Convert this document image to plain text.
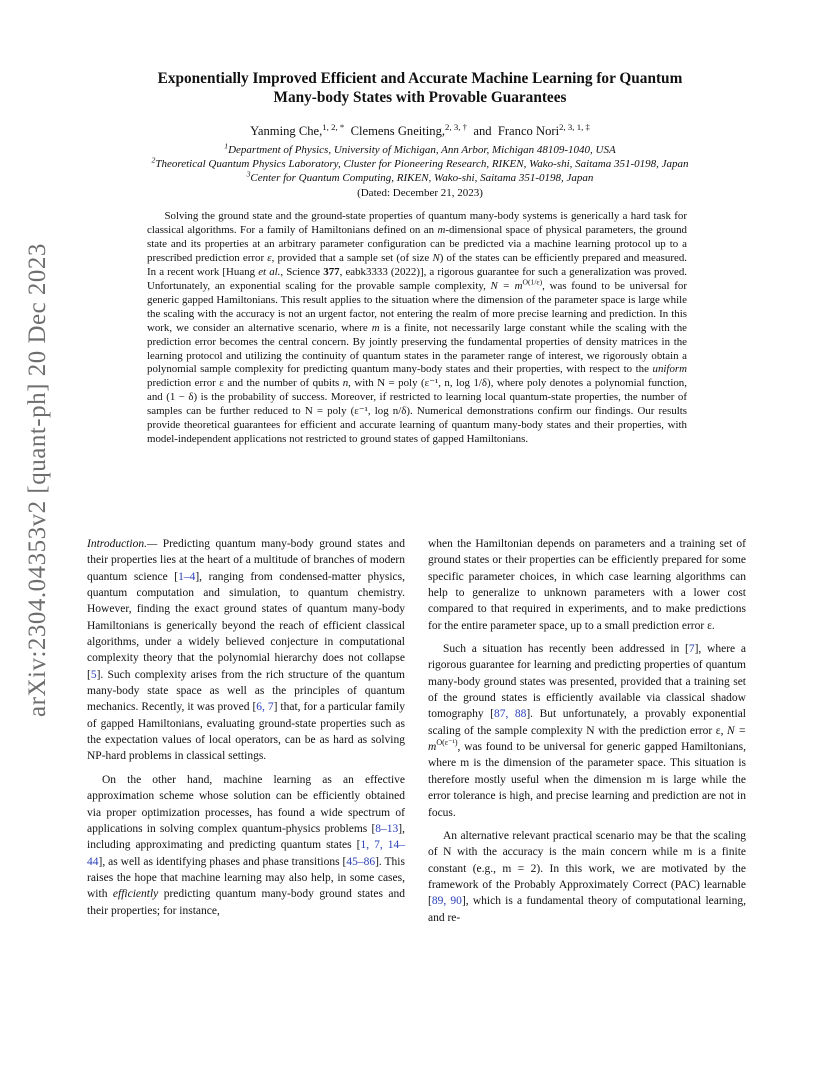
arXiv:2304.04353v2 [quant-ph] 20 Dec 2023
Exponentially Improved Efficient and Accurate Machine Learning for Quantum
Many-body States with Provable Guarantees
Yanming Che,$^{1, 2, *}$ Clemens Gneiting,$^{2, 3, \dagger}$ and Franco Nori$^{2, 3, 1, \ddagger}$
$^1$Department of Physics, University of Michigan, Ann Arbor, Michigan 48109-1040, USA
$^2$Theoretical Quantum Physics Laboratory, Cluster for Pioneering Research, RIKEN, Wako-shi, Saitama 351-0198, Japan
$^3$Center for Quantum Computing, RIKEN, Wako-shi, Saitama 351-0198, Japan
(Dated: December 21, 2023)

Solving the ground state and the ground-state properties of quantum many-body systems is generically a hard task for classical algorithms. For a family of Hamiltonians defined on an m-dimensional space of physical parameters, the ground state and its properties at an arbitrary parameter configuration can be predicted via a machine learning protocol up to a prescribed prediction error ε, provided that a sample set (of size N) of the states can be efficiently prepared and measured. In a recent work [Huang et al., Science 377, eabk3333 (2022)], a rigorous guarantee for such a generalization was proved. Unfortunately, an exponential scaling for the provable sample complexity, $N = m^{O(1/\varepsilon)}$, was found to be universal for generic gapped Hamiltonians. This result applies to the situation where the dimension of the parameter space is large while the scaling with the accuracy is not an urgent factor, not entering the realm of more precise learning and prediction. In this work, we consider an alternative scenario, where m is a finite, not necessarily large constant while the scaling with the prediction error becomes the central concern. By jointly preserving the fundamental properties of density matrices in the learning protocol and utilizing the continuity of quantum states in the parameter range of interest, we rigorously obtain a polynomial sample complexity for predicting quantum many-body states and their properties, with respect to the uniform prediction error ε and the number of qubits n, with N = poly (ε⁻¹, n, log 1/δ), where poly denotes a polynomial function, and (1 − δ) is the probability of success. Moreover, if restricted to learning local quantum-state properties, the number of samples can be further reduced to N = poly (ε⁻¹, log n/δ). Numerical demonstrations confirm our findings. Our results provide theoretical guarantees for efficient and accurate learning of quantum many-body states and their properties, with model-independent applications not restricted to ground states of gapped Hamiltonians.

Introduction.— Predicting quantum many-body ground states and their properties lies at the heart of a multitude of branches of modern quantum science [1–4], ranging from condensed-matter physics, quantum computation and simulation, to quantum chemistry. However, finding the exact ground states of quantum many-body Hamiltonians is generically beyond the reach of efficient classical algorithms, under a widely believed conjecture in computational complexity theory that the polynomial hierarchy does not collapse [5]. Such complexity arises from the rich structure of the quantum many-body state space as well as the principles of quantum mechanics. Recently, it was proved [6, 7] that, for a particular family of gapped Hamiltonians, evaluating ground-state properties such as the expectation values of local operators, can be as hard as solving NP-hard problems in classical settings.

On the other hand, machine learning as an effective approximation scheme whose solution can be efficiently obtained via proper optimization processes, has found a wide spectrum of applications in solving complex quantum-physics problems [8–13], including approximating and predicting quantum states [1, 7, 14–44], as well as identifying phases and phase transitions [45–86]. This raises the hope that machine learning may also help, in some cases, with efficiently predicting quantum many-body ground states and their properties; for instance,

when the Hamiltonian depends on parameters and a training set of ground states or their properties can be efficiently prepared for some specific parameter choices, in which case learning algorithms can help to generalize to unknown parameters with a lower cost compared to that required in experiments, and to make predictions for the entire parameter space, up to a small prediction error ε.

Such a situation has recently been addressed in [7], where a rigorous guarantee for learning and predicting properties of quantum many-body ground states was presented, provided that a training set of the ground states is efficiently available via classical shadow tomography [87, 88]. But unfortunately, a provably exponential scaling of the sample complexity N with the prediction error ε, $N = m^{O(\varepsilon^{-1})}$, was found to be universal for generic gapped Hamiltonians, where m is the dimension of the parameter space. This situation is therefore mostly useful when the dimension m is large while the error tolerance is high, and precise learning and prediction are not in focus.

An alternative relevant practical scenario may be that the scaling of N with the accuracy is the main concern while m is a finite constant (e.g., m = 2). In this work, we are motivated by the framework of the Probably Approximately Correct (PAC) learnable [89, 90], which is a fundamental theory of computational learning, and re-
